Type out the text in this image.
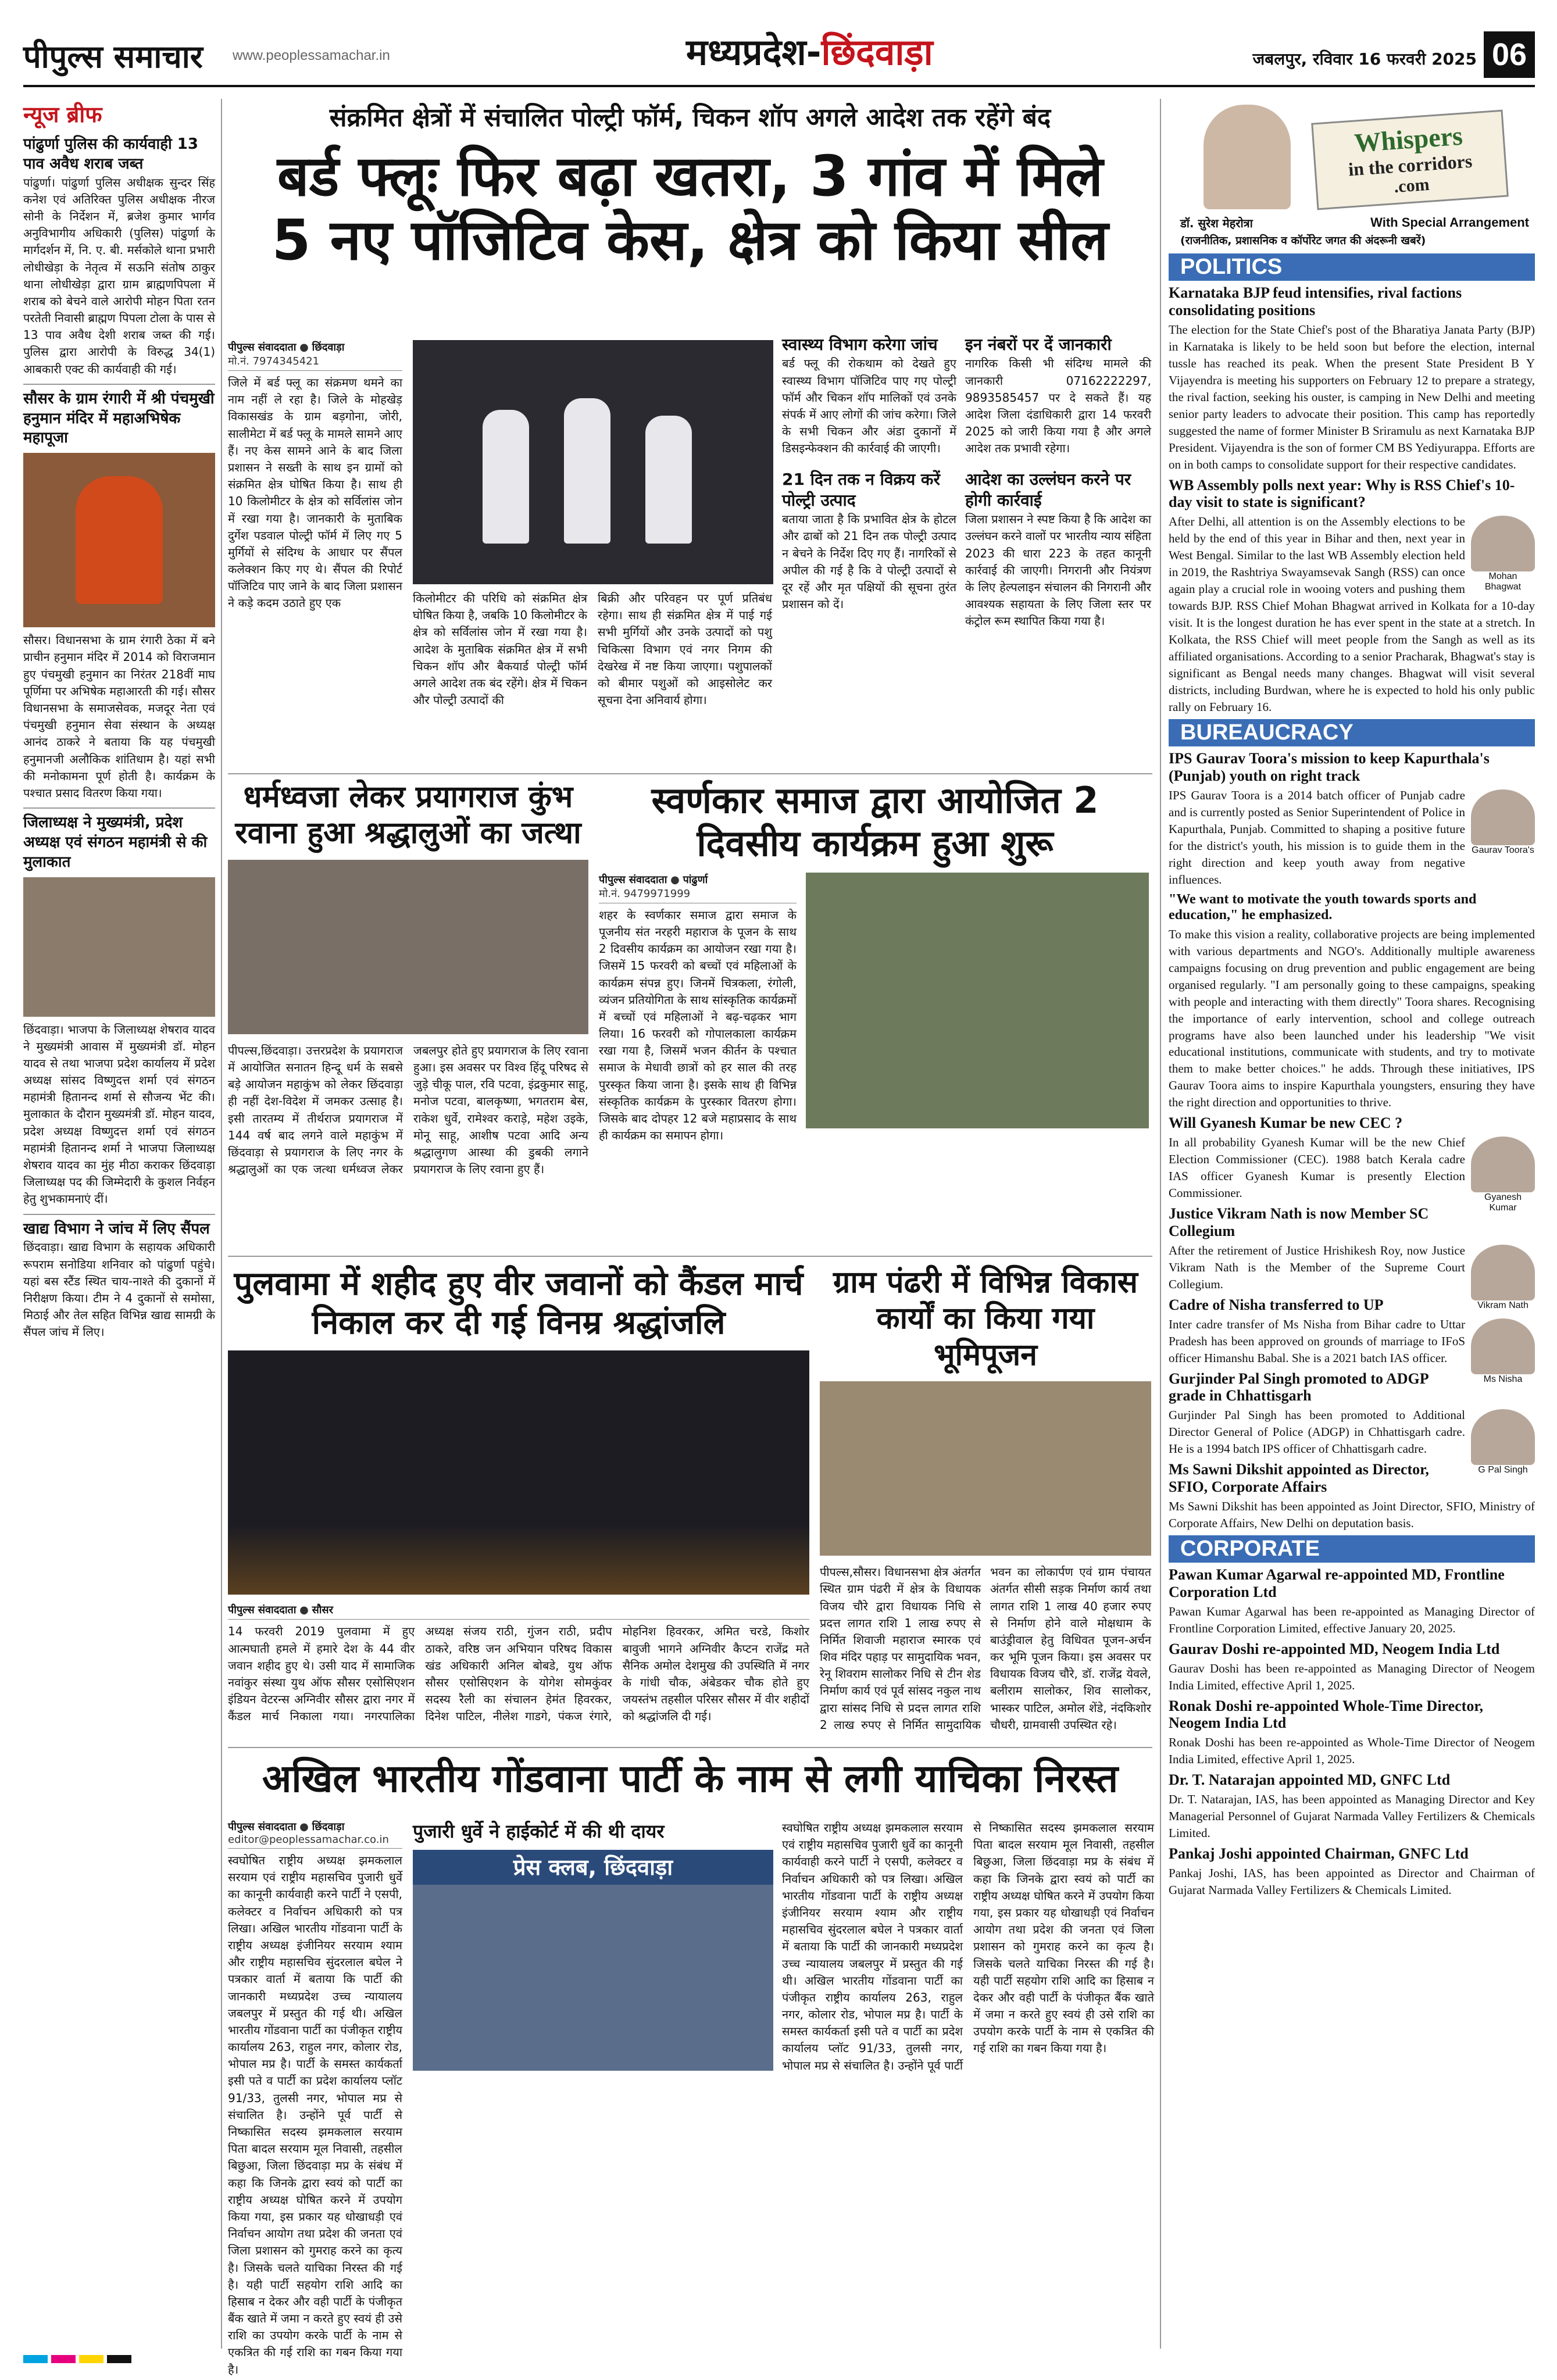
पीपुल्स समाचार www.peoplessamachar.in	मध्यप्रदेश-छिंदवाड़ा	जबलपुर, रविवार 16 फरवरी 2025 06
न्यूज ब्रीफ
पांढुर्णा पुलिस की कार्यवाही 13 पाव अवैध शराब जब्त
पांढुर्णा। पांढुर्णा पुलिस अधीक्षक सुन्दर सिंह कनेश एवं अतिरिक्त पुलिस अधीक्षक नीरज सोनी के निर्देशन में, ब्रजेश कुमार भार्गव अनुविभागीय अधिकारी (पुलिस) पांढुर्णा के मार्गदर्शन में, नि. ए. बी. मर्सकोले थाना प्रभारी लोधीखेड़ा के नेतृत्व में सऊनि संतोष ठाकुर थाना लोधीखेड़ा द्वारा ग्राम ब्राह्मणपिपला में शराब को बेचने वाले आरोपी मोहन पिता रतन परतेती निवासी ब्राह्मण पिपला टोला के पास से 13 पाव अवैध देशी शराब जब्त की गई। पुलिस द्वारा आरोपी के विरुद्ध 34(1) आबकारी एक्ट की कार्यवाही की गई।
सौसर के ग्राम रंगारी में श्री पंचमुखी हनुमान मंदिर में महाअभिषेक महापूजा
सौसर। विधानसभा के ग्राम रंगारी ठेका में बने प्राचीन हनुमान मंदिर में 2014 को विराजमान हुए पंचमुखी हनुमान का निरंतर 218वीं माघ पूर्णिमा पर अभिषेक महाआरती की गई। सौसर विधानसभा के समाजसेवक, मजदूर नेता एवं पंचमुखी हनुमान सेवा संस्थान के अध्यक्ष आनंद ठाकरे ने बताया कि यह पंचमुखी हनुमानजी अलौकिक शांतिधाम है। यहां सभी की मनोकामना पूर्ण होती है। कार्यक्रम के पश्चात प्रसाद वितरण किया गया।
जिलाध्यक्ष ने मुख्यमंत्री, प्रदेश अध्यक्ष एवं संगठन महामंत्री से की मुलाकात
छिंदवाड़ा। भाजपा के जिलाध्यक्ष शेषराव यादव ने मुख्यमंत्री आवास में मुख्यमंत्री डॉ. मोहन यादव से तथा भाजपा प्रदेश कार्यालय में प्रदेश अध्यक्ष सांसद विष्णुदत्त शर्मा एवं संगठन महामंत्री हितानन्द शर्मा से सौजन्य भेंट की। मुलाकात के दौरान मुख्यमंत्री डॉ. मोहन यादव, प्रदेश अध्यक्ष विष्णुदत्त शर्मा एवं संगठन महामंत्री हितानन्द शर्मा ने भाजपा जिलाध्यक्ष शेषराव यादव का मुंह मीठा कराकर छिंदवाड़ा जिलाध्यक्ष पद की जिम्मेदारी के कुशल निर्वहन हेतु शुभकामनाएं दीं।
खाद्य विभाग ने जांच में लिए सैंपल
छिंदवाड़ा। खाद्य विभाग के सहायक अधिकारी रूपराम सनोडिया शनिवार को पांढुर्णा पहुंचे। यहां बस स्टैंड स्थित चाय-नाश्ते की दुकानों में निरीक्षण किया। टीम ने 4 दुकानों से समोसा, मिठाई और तेल सहित विभिन्न खाद्य सामग्री के सैंपल जांच में लिए।
संक्रमित क्षेत्रों में संचालित पोल्ट्री फॉर्म, चिकन शॉप अगले आदेश तक रहेंगे बंद
बर्ड फ्लूः फिर बढ़ा खतरा, 3 गांव में मिले
5 नए पॉजिटिव केस, क्षेत्र को किया सील
पीपुल्स संवाददाता ● छिंदवाड़ा
मो.नं. 7974345421
जिले में बर्ड फ्लू का संक्रमण थमने का नाम नहीं ले रहा है। जिले के मोहखेड़ विकासखंड के ग्राम बड़गोना, जोरी, सालीमेटा में बर्ड फ्लू के मामले सामने आए हैं। नए केस सामने आने के बाद जिला प्रशासन ने सख्ती के साथ इन ग्रामों को संक्रमित क्षेत्र घोषित किया है। साथ ही 10 किलोमीटर के क्षेत्र को सर्विलांस जोन में रखा गया है। जानकारी के मुताबिक दुर्गेश पडवाल पोल्ट्री फॉर्म में लिए गए 5 मुर्गियों से संदिग्ध के आधार पर सैंपल कलेक्शन किए गए थे। सैंपल की रिपोर्ट पॉजिटिव पाए जाने के बाद जिला प्रशासन ने कड़े कदम उठाते हुए एक	किलोमीटर की परिधि को संक्रमित क्षेत्र घोषित किया है, जबकि 10 किलोमीटर के क्षेत्र को सर्विलांस जोन में रखा गया है। आदेश के मुताबिक संक्रमित क्षेत्र में सभी चिकन शॉप और बैकयार्ड पोल्ट्री फॉर्म अगले आदेश तक बंद रहेंगे। क्षेत्र में चिकन और पोल्ट्री उत्पादों की
बिक्री और परिवहन पर पूर्ण प्रतिबंध रहेगा। साथ ही संक्रमित क्षेत्र में पाई गई सभी मुर्गियों और उनके उत्पादों को पशु चिकित्सा विभाग एवं नगर निगम की देखरेख में नष्ट किया जाएगा। पशुपालकों को बीमार पशुओं को आइसोलेट कर सूचना देना अनिवार्य होगा।
स्वास्थ्य विभाग करेगा जांच
बर्ड फ्लू की रोकथाम को देखते हुए स्वास्थ्य विभाग पॉजिटिव पाए गए पोल्ट्री फॉर्म और चिकन शॉप मालिकों एवं उनके संपर्क में आए लोगों की जांच करेगा। जिले के सभी चिकन और अंडा दुकानों में डिसइन्फेक्शन की कार्रवाई की जाएगी।
21 दिन तक न विक्रय करें पोल्ट्री उत्पाद
बताया जाता है कि प्रभावित क्षेत्र के होटल और ढाबों को 21 दिन तक पोल्ट्री उत्पाद न बेचने के निर्देश दिए गए हैं। नागरिकों से अपील की गई है कि वे पोल्ट्री उत्पादों से दूर रहें और मृत पक्षियों की सूचना तुरंत प्रशासन को दें।
इन नंबरों पर दें जानकारी
नागरिक किसी भी संदिग्ध मामले की जानकारी 07162222297, 9893585457 पर दे सकते हैं। यह आदेश जिला दंडाधिकारी द्वारा 14 फरवरी 2025 को जारी किया गया है और अगले आदेश तक प्रभावी रहेगा।
आदेश का उल्लंघन करने पर होगी कार्रवाई
जिला प्रशासन ने स्पष्ट किया है कि आदेश का उल्लंघन करने वालों पर भारतीय न्याय संहिता 2023 की धारा 223 के तहत कानूनी कार्रवाई की जाएगी। निगरानी और नियंत्रण के लिए हेल्पलाइन संचालन की निगरानी और आवश्यक सहायता के लिए जिला स्तर पर कंट्रोल रूम स्थापित किया गया है।
धर्मध्वजा लेकर प्रयागराज कुंभ रवाना हुआ श्रद्धालुओं का जत्था
पीपल्स,छिंदवाड़ा। उत्तरप्रदेश के प्रयागराज में आयोजित सनातन हिन्दू धर्म के सबसे बड़े आयोजन महाकुंभ को लेकर छिंदवाड़ा ही नहीं देश-विदेश में जमकर उत्साह है। इसी तारतम्य में तीर्थराज प्रयागराज में 144 वर्ष बाद लगने वाले महाकुंभ में छिंदवाड़ा से प्रयागराज के लिए नगर के श्रद्धालुओं का एक जत्था धर्मध्वज लेकर जबलपुर होते हुए प्रयागराज के लिए रवाना हुआ। इस अवसर पर विश्व हिंदू परिषद से जुड़े चीकू पाल, रवि पटवा, इंद्रकुमार साहू, मनोज पटवा, बालकृष्णा, भगतराम बेस, राकेश धुर्वे, रामेश्वर कराड़े, महेश उइके, मोनू साहू, आशीष पटवा आदि अन्य श्रद्धालुगण आस्था की डुबकी लगाने प्रयागराज के लिए रवाना हुए हैं।
स्वर्णकार समाज द्वारा आयोजित 2 दिवसीय कार्यक्रम हुआ शुरू
पीपुल्स संवाददाता ● पांढुर्णा
मो.नं. 9479971999
शहर के स्वर्णकार समाज द्वारा समाज के पूजनीय संत नरहरी महाराज के पूजन के साथ 2 दिवसीय कार्यक्रम का आयोजन रखा गया है। जिसमें 15 फरवरी को बच्चों एवं महिलाओं के कार्यक्रम संपन्न हुए। जिनमें चित्रकला, रंगोली, व्यंजन प्रतियोगिता के साथ सांस्कृतिक कार्यक्रमों में बच्चों एवं महिलाओं ने बढ़-चढ़कर भाग लिया। 16 फरवरी को गोपालकाला कार्यक्रम रखा गया है, जिसमें भजन कीर्तन के पश्चात समाज के मेधावी छात्रों को हर साल की तरह पुरस्कृत किया जाना है। इसके साथ ही विभिन्न संस्कृतिक कार्यक्रम के पुरस्कार वितरण होगा। जिसके बाद दोपहर 12 बजे महाप्रसाद के साथ ही कार्यक्रम का समापन होगा।
पुलवामा में शहीद हुए वीर जवानों को कैंडल मार्च निकाल कर दी गई विनम्र श्रद्धांजलि
पीपुल्स संवाददाता ● सौसर
14 फरवरी 2019 पुलवामा में हुए आत्मघाती हमले में हमारे देश के 44 वीर जवान शहीद हुए थे। उसी याद में सामाजिक नवांकुर संस्था युथ ऑफ सौसर एसोसिएशन इंडियन वेटरन्स अग्निवीर सौसर द्वारा नगर में कैंडल मार्च निकाला गया। नगरपालिका अध्यक्ष संजय राठी, गुंजन राठी, प्रदीप ठाकरे, वरिष्ठ जन अभियान परिषद विकास खंड अधिकारी अनिल बोबडे, युथ ऑफ सौसर एसोसिएशन के योगेश सोमकुंवर सदस्य रैली का संचालन हेमंत हिवरकर, दिनेश पाटिल, नीलेश गाडगे, पंकज रंगारे, मोहनिश हिवरकर, अमित चरडे, किशोर बावुजी भागने अग्निवीर कैप्टन राजेंद्र मते सैनिक अमोल देशमुख की उपस्थिति में नगर के गांधी चौक, अंबेडकर चौक होते हुए जयस्तंभ तहसील परिसर सौसर में वीर शहीदों को श्रद्धांजलि दी गई।
ग्राम पंढरी में विभिन्न विकास कार्यों का किया गया भूमिपूजन
पीपल्स,सौसर। विधानसभा क्षेत्र अंतर्गत स्थित ग्राम पंढरी में क्षेत्र के विधायक विजय चौरे द्वारा विधायक निधि से प्रदत्त लागत राशि 1 लाख रुपए से निर्मित शिवाजी महाराज स्मारक एवं शिव मंदिर पहाड़ पर सामुदायिक भवन, रेनू शिवराम सालोकर निधि से टीन शेड निर्माण कार्य एवं पूर्व सांसद नकुल नाथ द्वारा सांसद निधि से प्रदत्त लागत राशि 2 लाख रुपए से निर्मित सामुदायिक भवन का लोकार्पण एवं ग्राम पंचायत अंतर्गत सीसी सड़क निर्माण कार्य तथा लागत राशि 1 लाख 40 हजार रुपए से निर्माण होने वाले मोक्षधाम के बाउंड्रीवाल हेतु विधिवत पूजन-अर्चन कर भूमि पूजन किया। इस अवसर पर विधायक विजय चौरे, डॉ. राजेंद्र येवले, बलीराम सालोकर, शिव सालोकर, भास्कर पाटिल, अमोल शेंडे, नंदकिशोर चौधरी, ग्रामवासी उपस्थित रहे।
अखिल भारतीय गोंडवाना पार्टी के नाम से लगी याचिका निरस्त
पीपुल्स संवाददाता ● छिंदवाड़ा
editor@peoplessamachar.co.in
स्वघोषित राष्ट्रीय अध्यक्ष झमकलाल सरयाम एवं राष्ट्रीय महासचिव पुजारी धुर्वे का कानूनी कार्यवाही करने पार्टी ने एसपी, कलेक्टर व निर्वाचन अधिकारी को पत्र लिखा। अखिल भारतीय गोंडवाना पार्टी के राष्ट्रीय अध्यक्ष इंजीनियर सरयाम श्याम और राष्ट्रीय महासचिव सुंदरलाल बघेल ने पत्रकार वार्ता में बताया कि पार्टी की जानकारी मध्यप्रदेश उच्च न्यायालय जबलपुर में प्रस्तुत की गई थी। अखिल भारतीय गोंडवाना पार्टी का पंजीकृत राष्ट्रीय कार्यालय 263, राहुल नगर, कोलार रोड, भोपाल मप्र है। पार्टी के समस्त कार्यकर्ता इसी पते व पार्टी का प्रदेश कार्यालय प्लॉट 91/33, तुलसी नगर, भोपाल मप्र से संचालित है। उन्होंने पूर्व पार्टी से निष्कासित सदस्य झमकलाल सरयाम पिता बादल सरयाम मूल निवासी, तहसील बिछुआ, जिला छिंदवाड़ा मप्र के संबंध में कहा कि जिनके द्वारा स्वयं को पार्टी का राष्ट्रीय अध्यक्ष घोषित करने में उपयोग किया गया, इस प्रकार यह धोखाधड़ी एवं निर्वाचन आयोग तथा प्रदेश की जनता एवं जिला प्रशासन को गुमराह करने का कृत्य है। जिसके चलते याचिका निरस्त की गई है। यही पार्टी सहयोग राशि आदि का हिसाब न देकर और वही पार्टी के पंजीकृत बैंक खाते में जमा न करते हुए स्वयं ही उसे राशि का उपयोग करके पार्टी के नाम से एकत्रित की गई राशि का गबन किया गया है।
पुजारी धुर्वे ने हाईकोर्ट में की थी दायर
प्रेस क्लब, छिंदवाड़ा
स्वघोषित राष्ट्रीय अध्यक्ष झमकलाल सरयाम एवं राष्ट्रीय महासचिव पुजारी धुर्वे का कानूनी कार्यवाही करने पार्टी ने एसपी, कलेक्टर व निर्वाचन अधिकारी को पत्र लिखा। अखिल भारतीय गोंडवाना पार्टी के राष्ट्रीय अध्यक्ष इंजीनियर सरयाम श्याम और राष्ट्रीय महासचिव सुंदरलाल बघेल ने पत्रकार वार्ता में बताया कि पार्टी की जानकारी मध्यप्रदेश उच्च न्यायालय जबलपुर में प्रस्तुत की गई थी। अखिल भारतीय गोंडवाना पार्टी का पंजीकृत राष्ट्रीय कार्यालय 263, राहुल नगर, कोलार रोड, भोपाल मप्र है। पार्टी के समस्त कार्यकर्ता इसी पते व पार्टी का प्रदेश कार्यालय प्लॉट 91/33, तुलसी नगर, भोपाल मप्र से संचालित है। उन्होंने पूर्व पार्टी से निष्कासित सदस्य झमकलाल सरयाम पिता बादल सरयाम मूल निवासी, तहसील बिछुआ, जिला छिंदवाड़ा मप्र के संबंध में कहा कि जिनके द्वारा स्वयं को पार्टी का राष्ट्रीय अध्यक्ष घोषित करने में उपयोग किया गया, इस प्रकार यह धोखाधड़ी एवं निर्वाचन आयोग तथा प्रदेश की जनता एवं जिला प्रशासन को गुमराह करने का कृत्य है। जिसके चलते याचिका निरस्त की गई है। यही पार्टी सहयोग राशि आदि का हिसाब न देकर और वही पार्टी के पंजीकृत बैंक खाते में जमा न करते हुए स्वयं ही उसे राशि का उपयोग करके पार्टी के नाम से एकत्रित की गई राशि का गबन किया गया है।
Whispers
in the corridors
.com
डॉ. सुरेश मेहरोत्रा	With Special Arrangement
(राजनीतिक, प्रशासनिक व कॉर्पोरेट जगत की अंदरूनी खबरें)
POLITICS
Karnataka BJP feud intensifies, rival factions consolidating positions
The election for the State Chief's post of the Bharatiya Janata Party (BJP) in Karnataka is likely to be held soon but before the election, internal tussle has reached its peak. When the present State President B Y Vijayendra is meeting his supporters on February 12 to prepare a strategy, the rival faction, seeking his ouster, is camping in New Delhi and meeting senior party leaders to advocate their position. This camp has reportedly suggested the name of former Minister B Sriramulu as next Karnataka BJP President. Vijayendra is the son of former CM BS Yediyurappa. Efforts are on in both camps to consolidate support for their respective candidates.
WB Assembly polls next year: Why is RSS Chief's 10-day visit to state is significant?
Mohan Bhagwat
After Delhi, all attention is on the Assembly elections to be held by the end of this year in Bihar and then, next year in West Bengal. Similar to the last WB Assembly election held in 2019, the Rashtriya Swayamsevak Sangh (RSS) can once again play a crucial role in wooing voters and pushing them towards BJP. RSS Chief Mohan Bhagwat arrived in Kolkata for a 10-day visit. It is the longest duration he has ever spent in the state at a stretch. In Kolkata, the RSS Chief will meet people from the Sangh as well as its affiliated organisations. According to a senior Pracharak, Bhagwat's stay is significant as Bengal needs many changes. Bhagwat will visit several districts, including Burdwan, where he is expected to hold his only public rally on February 16.
BUREAUCRACY
IPS Gaurav Toora's mission to keep Kapurthala's (Punjab) youth on right track
Gaurav Toora's
IPS Gaurav Toora is a 2014 batch officer of Punjab cadre and is currently posted as Senior Superintendent of Police in Kapurthala, Punjab. Committed to shaping a positive future for the district's youth, his mission is to guide them in the right direction and keep youth away from negative influences.
"We want to motivate the youth towards sports and education," he emphasized.
To make this vision a reality, collaborative projects are being implemented with various departments and NGO's. Additionally multiple awareness campaigns focusing on drug prevention and public engagement are being organised regularly. "I am personally going to these campaigns, speaking with people and interacting with them directly" Toora shares. Recognising the importance of early intervention, school and college outreach programs have also been launched under his leadership "We visit educational institutions, communicate with students, and try to motivate them to make better choices." he adds. Through these initiatives, IPS Gaurav Toora aims to inspire Kapurthala youngsters, ensuring they have the right direction and opportunities to thrive.
Will Gyanesh Kumar be new CEC ?
Gyanesh Kumar
In all probability Gyanesh Kumar will be the new Chief Election Commissioner (CEC). 1988 batch Kerala cadre IAS officer Gyanesh Kumar is presently Election Commissioner.
Justice Vikram Nath is now Member SC Collegium
Vikram Nath
After the retirement of Justice Hrishikesh Roy, now Justice Vikram Nath is the Member of the Supreme Court Collegium.
Cadre of Nisha transferred to UP
Ms Nisha
Inter cadre transfer of Ms Nisha from Bihar cadre to Uttar Pradesh has been approved on grounds of marriage to IFoS officer Himanshu Babal. She is a 2021 batch IAS officer.
Gurjinder Pal Singh promoted to ADGP grade in Chhattisgarh
G Pal Singh
Gurjinder Pal Singh has been promoted to Additional Director General of Police (ADGP) in Chhattisgarh cadre. He is a 1994 batch IPS officer of Chhattisgarh cadre.
Ms Sawni Dikshit appointed as Director, SFIO, Corporate Affairs
Ms Sawni Dikshit has been appointed as Joint Director, SFIO, Ministry of Corporate Affairs, New Delhi on deputation basis.
CORPORATE
Pawan Kumar Agarwal re-appointed MD, Frontline Corporation Ltd
Pawan Kumar Agarwal has been re-appointed as Managing Director of Frontline Corporation Limited, effective January 20, 2025.
Gaurav Doshi re-appointed MD, Neogem India Ltd
Gaurav Doshi has been re-appointed as Managing Director of Neogem India Limited, effective April 1, 2025.
Ronak Doshi re-appointed Whole-Time Director, Neogem India Ltd
Ronak Doshi has been re-appointed as Whole-Time Director of Neogem India Limited, effective April 1, 2025.
Dr. T. Natarajan appointed MD, GNFC Ltd
Dr. T. Natarajan, IAS, has been appointed as Managing Director and Key Managerial Personnel of Gujarat Narmada Valley Fertilizers & Chemicals Limited.
Pankaj Joshi appointed Chairman, GNFC Ltd
Pankaj Joshi, IAS, has been appointed as Director and Chairman of Gujarat Narmada Valley Fertilizers & Chemicals Limited.
